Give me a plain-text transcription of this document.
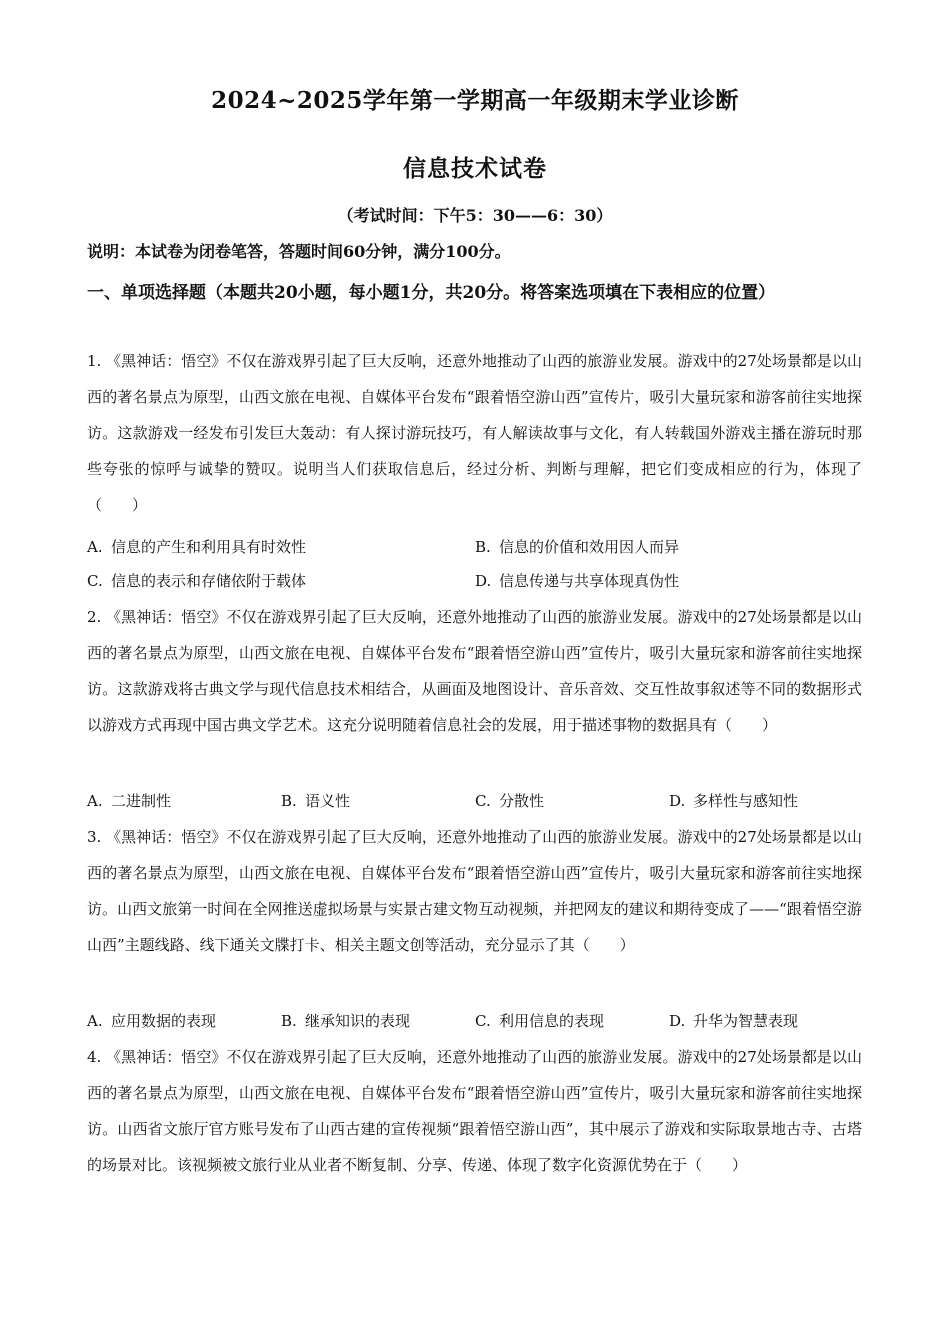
2024~2025学年第一学期高一年级期末学业诊断
信息技术试卷
（考试时间：下午5：30——6：30）
说明：本试卷为闭卷笔答，答题时间60分钟，满分100分。
一、单项选择题（本题共20小题，每小题1分，共20分。将答案选项填在下表相应的位置）
1. 《黑神话：悟空》不仅在游戏界引起了巨大反响，还意外地推动了山西的旅游业发展。游戏中的27处场景都是以山西的著名景点为原型，山西文旅在电视、自媒体平台发布“跟着悟空游山西”宣传片，吸引大量玩家和游客前往实地探访。这款游戏一经发布引发巨大轰动：有人探讨游玩技巧，有人解读故事与文化，有人转载国外游戏主播在游玩时那些夸张的惊呼与诚挚的赞叹。说明当人们获取信息后，经过分析、判断与理解，把它们变成相应的行为，体现了（　　）
A. 信息的产生和利用具有时效性	B. 信息的价值和效用因人而异
C. 信息的表示和存储依附于载体	D. 信息传递与共享体现真伪性
2. 《黑神话：悟空》不仅在游戏界引起了巨大反响，还意外地推动了山西的旅游业发展。游戏中的27处场景都是以山西的著名景点为原型，山西文旅在电视、自媒体平台发布“跟着悟空游山西”宣传片，吸引大量玩家和游客前往实地探访。这款游戏将古典文学与现代信息技术相结合，从画面及地图设计、音乐音效、交互性故事叙述等不同的数据形式以游戏方式再现中国古典文学艺术。这充分说明随着信息社会的发展，用于描述事物的数据具有（　　）
A. 二进制性	B. 语义性	C. 分散性	D. 多样性与感知性
3. 《黑神话：悟空》不仅在游戏界引起了巨大反响，还意外地推动了山西的旅游业发展。游戏中的27处场景都是以山西的著名景点为原型，山西文旅在电视、自媒体平台发布“跟着悟空游山西”宣传片，吸引大量玩家和游客前往实地探访。山西文旅第一时间在全网推送虚拟场景与实景古建文物互动视频，并把网友的建议和期待变成了——“跟着悟空游山西”主题线路、线下通关文牒打卡、相关主题文创等活动，充分显示了其（　　）
A. 应用数据的表现	B. 继承知识的表现	C. 利用信息的表现	D. 升华为智慧表现
4. 《黑神话：悟空》不仅在游戏界引起了巨大反响，还意外地推动了山西的旅游业发展。游戏中的27处场景都是以山西的著名景点为原型，山西文旅在电视、自媒体平台发布“跟着悟空游山西”宣传片，吸引大量玩家和游客前往实地探访。山西省文旅厅官方账号发布了山西古建的宣传视频“跟着悟空游山西”，其中展示了游戏和实际取景地古寺、古塔的场景对比。该视频被文旅行业从业者不断复制、分享、传递、体现了数字化资源优势在于（　　）
